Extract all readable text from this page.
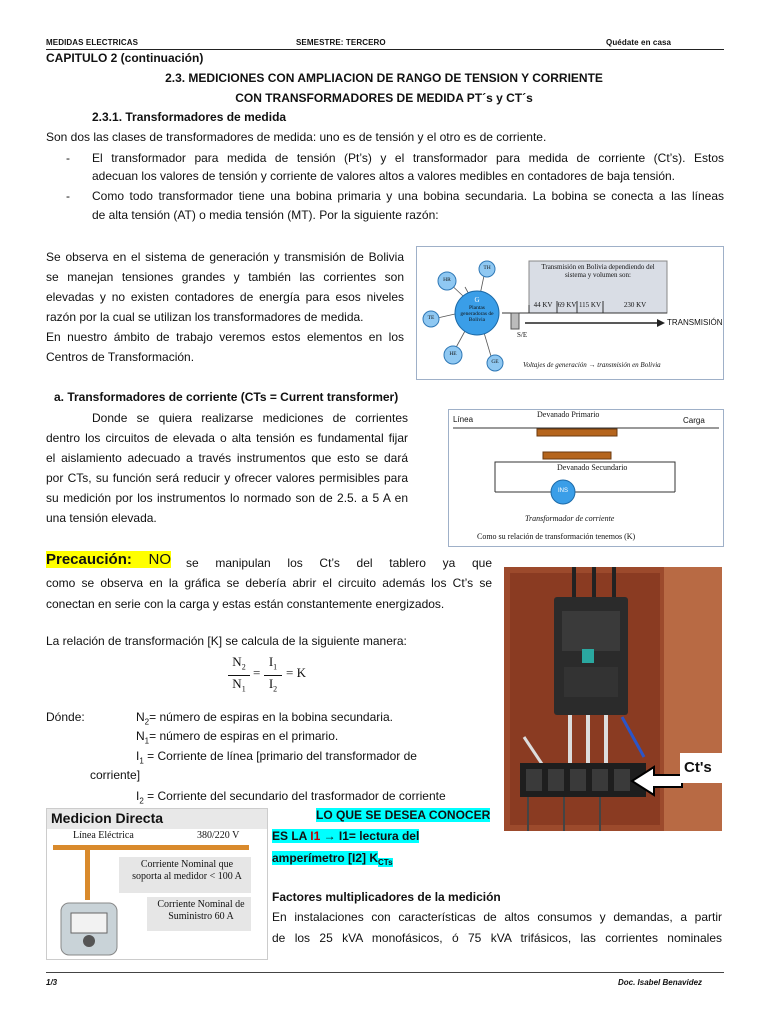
MEDIDAS ELECTRICAS	SEMESTRE: TERCERO	Quédate en casa
CAPITULO 2 (continuación)
2.3. MEDICIONES CON AMPLIACION DE RANGO DE TENSION Y CORRIENTE
CON TRANSFORMADORES DE MEDIDA PT´s y CT´s
2.3.1. Transformadores de medida
Son dos las clases de transformadores de medida: uno es de tensión y el otro es de corriente.
- El transformador para medida de tensión (Pt’s) y el transformador para medida de corriente (Ct’s). Estos
adecuan los valores de tensión y corriente de valores altos a valores medibles en contadores de baja tensión.
- Como todo transformador tiene una bobina primaria y una bobina secundaria. La bobina se conecta a las líneas
de alta tensión (AT) o media tensión (MT). Por la siguiente razón:
Se observa en el sistema de generación y transmisión de Bolivia
se manejan tensiones grandes y también las corrientes son
elevadas y no existen contadores de energía para esos niveles
razón por la cual se utilizan los transformadores de medida.
En nuestro ámbito de trabajo veremos estos elementos en los
Centros de Transformación.
Transmisión en Bolivia dependiendo del sistema y volumen son:
44 KV 69 KV 115 KV	230 KV
G
Plantas generadoras de Bolivia
TH
HR
TE
HE
GE
S/E
TRANSMISIÓN
Voltajes de generación → transmisión en Bolivia
a. Transformadores de corriente (CTs = Current transformer)
Donde se quiera realizarse mediciones de corrientes
dentro los circuitos de elevada o alta tensión es fundamental fijar
el aislamiento adecuado a través instrumentos que esto se dará
por CTs, su función será reducir y ofrecer valores permisibles para
su medición por los instrumentos lo normado son de 2.5. a 5 A en
una tensión elevada.
Línea	Carga
Devanado Primario
Devanado Secundario
INS
Transformador de corriente
Como su relación de transformación tenemos (K)
Precaución: NO se manipulan los Ct’s del tablero ya que
como se observa en la gráfica se debería abrir el circuito además los Ct’s se
conectan en serie con la carga y estas están constantemente energizados.
La relación de transformación [K] se calcula de la siguiente manera:
$N_2$
$N_1$
=
$I_1$
$I_2$
= K
Dónde:	$N_2=$ número de espiras en la bobina secundaria.
$N_1=$ número de espiras en el primario.
$I_1$ = Corriente de línea [primario del transformador de
corriente]
$I_2$ = Corriente del secundario del trasformador de corriente
Ct's
Medicion Directa
Línea Eléctrica	380/220 V
Corriente Nominal que soporta al medidor < 100 A
Corriente Nominal de Suministro 60 A
LO QUE SE DESEA CONOCER
ES LA I1 → I1= lectura del
amperímetro [I2] $K_{CTs}$
Factores multiplicadores de la medición
En instalaciones con características de altos consumos y demandas, a partir
de los 25 kVA monofásicos, ó 75 kVA trifásicos, las corrientes nominales
1/3	Doc. Isabel Benavidez
